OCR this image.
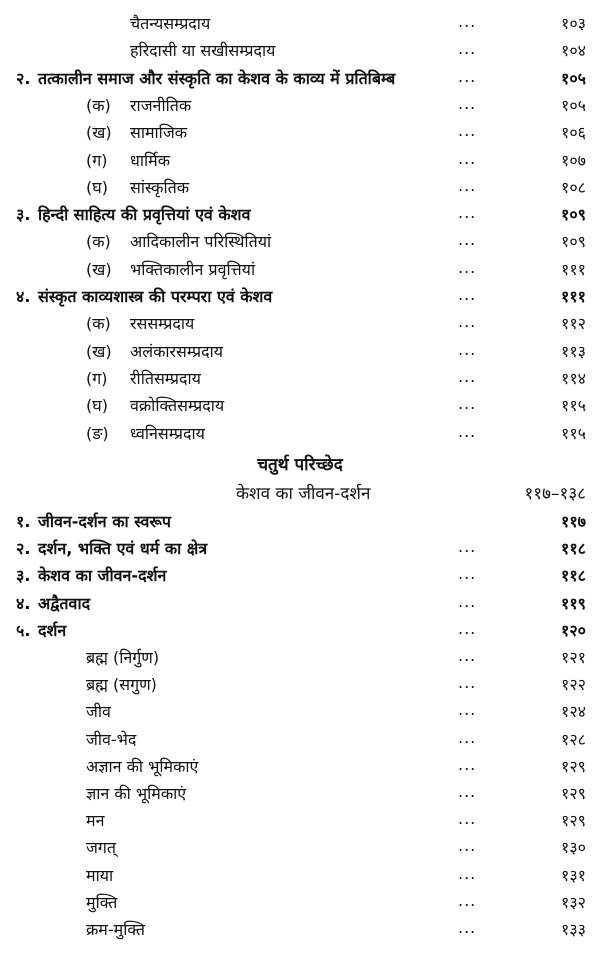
चैतन्यसम्प्रदाय	...	१०३
हरिदासी या सखीसम्प्रदाय	...	१०४
२. तत्कालीन समाज और संस्कृति का केशव के काव्य में प्रतिबिम्ब	...	१०५
(क) राजनीतिक	...	१०५
(ख) सामाजिक	...	१०६
(ग) धार्मिक	...	१०७
(घ) सांस्कृतिक	...	१०८
३. हिन्दी साहित्य की प्रवृत्तियां एवं केशव	...	१०९
(क) आदिकालीन परिस्थितियां	...	१०९
(ख) भक्तिकालीन प्रवृत्तियां	...	१११
४. संस्कृत काव्यशास्त्र की परम्परा एवं केशव	...	१११
(क) रससम्प्रदाय	...	११२
(ख) अलंकारसम्प्रदाय	...	११३
(ग) रीतिसम्प्रदाय	...	११४
(घ) वक्रोक्तिसम्प्रदाय	...	११५
(ङ) ध्वनिसम्प्रदाय	...	११५
चतुर्थ परिच्छेद
केशव का जीवन-दर्शन	११७–१३८
१. जीवन-दर्शन का स्वरूप	११७
२. दर्शन, भक्ति एवं धर्म का क्षेत्र	...	११८
३. केशव का जीवन-दर्शन	...	११८
४. अद्वैतवाद	...	११९
५. दर्शन	...	१२०
ब्रह्म (निर्गुण)	...	१२१
ब्रह्म (सगुण)	...	१२२
जीव	...	१२४
जीव-भेद	...	१२८
अज्ञान की भूमिकाएं	...	१२९
ज्ञान की भूमिकाएं	...	१२९
मन	...	१२९
जगत्	...	१३०
माया	...	१३१
मुक्ति	...	१३२
क्रम-मुक्ति	...	१३३
